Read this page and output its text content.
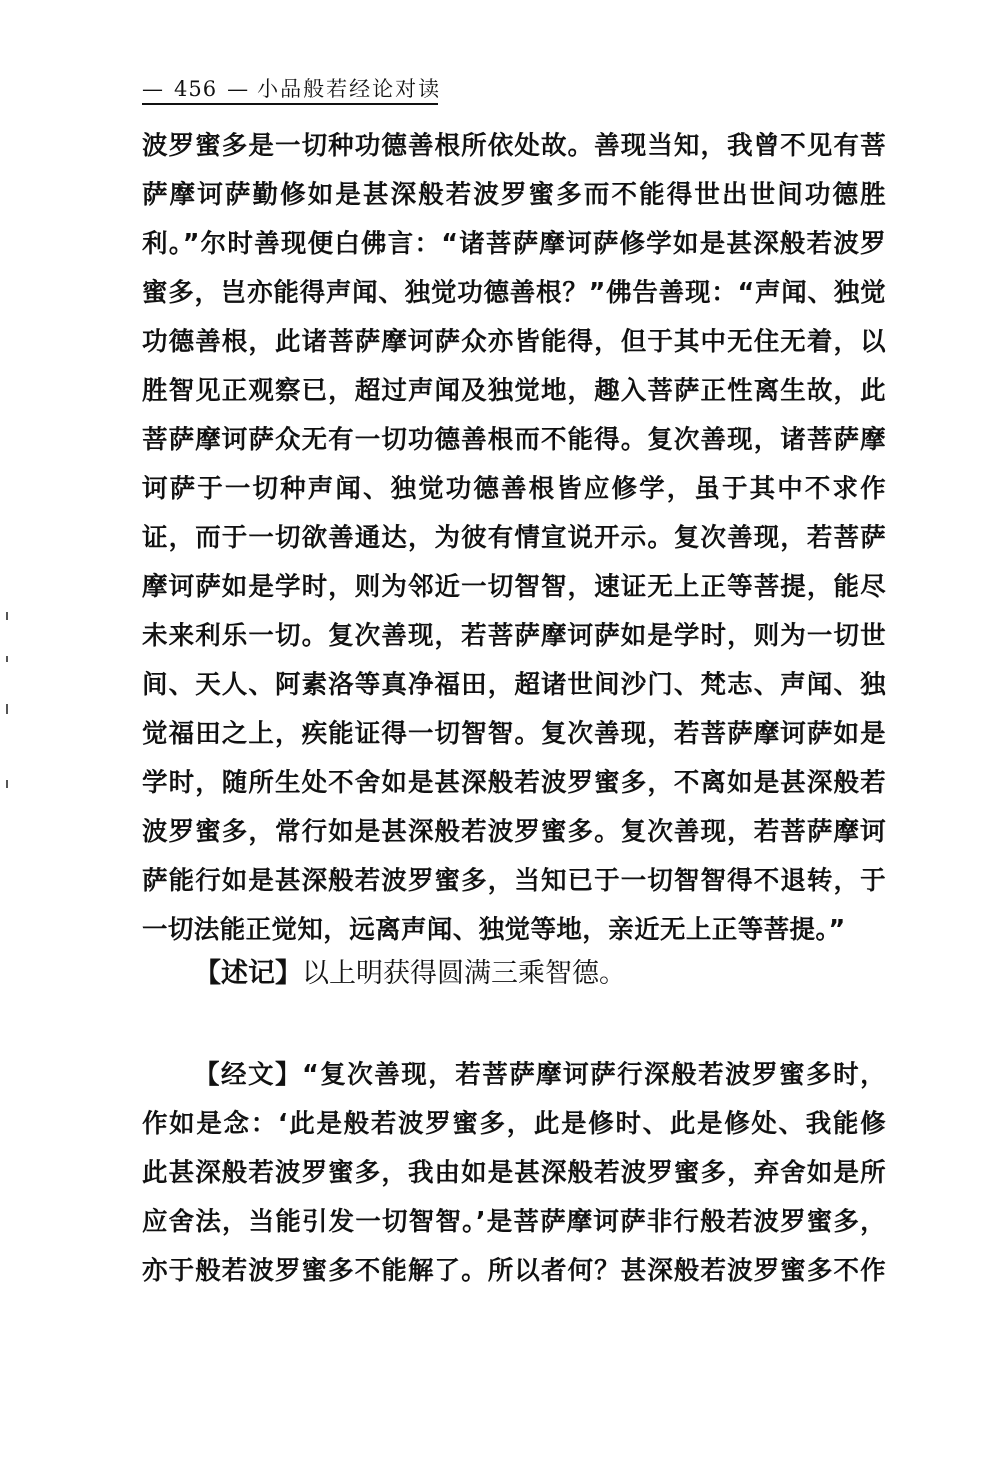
— 456 — 小品般若经论对读
波罗蜜多是一切种功德善根所依处故。善现当知，我曾不见有菩
萨摩诃萨勤修如是甚深般若波罗蜜多而不能得世出世间功德胜
利。”尔时善现便白佛言：“诸菩萨摩诃萨修学如是甚深般若波罗
蜜多，岂亦能得声闻、独觉功德善根？”佛告善现：“声闻、独觉
功德善根，此诸菩萨摩诃萨众亦皆能得，但于其中无住无着，以
胜智见正观察已，超过声闻及独觉地，趣入菩萨正性离生故，此
菩萨摩诃萨众无有一切功德善根而不能得。复次善现，诸菩萨摩
诃萨于一切种声闻、独觉功德善根皆应修学，虽于其中不求作
证，而于一切欲善通达，为彼有情宣说开示。复次善现，若菩萨
摩诃萨如是学时，则为邻近一切智智，速证无上正等菩提，能尽
未来利乐一切。复次善现，若菩萨摩诃萨如是学时，则为一切世
间、天人、阿素洛等真净福田，超诸世间沙门、梵志、声闻、独
觉福田之上，疾能证得一切智智。复次善现，若菩萨摩诃萨如是
学时，随所生处不舍如是甚深般若波罗蜜多，不离如是甚深般若
波罗蜜多，常行如是甚深般若波罗蜜多。复次善现，若菩萨摩诃
萨能行如是甚深般若波罗蜜多，当知已于一切智智得不退转，于
一切法能正觉知，远离声闻、独觉等地，亲近无上正等菩提。”
【述记】以上明获得圆满三乘智德。
【经文】“复次善现，若菩萨摩诃萨行深般若波罗蜜多时，
作如是念：‘此是般若波罗蜜多，此是修时、此是修处、我能修
此甚深般若波罗蜜多，我由如是甚深般若波罗蜜多，弃舍如是所
应舍法，当能引发一切智智。’是菩萨摩诃萨非行般若波罗蜜多，
亦于般若波罗蜜多不能解了。所以者何？甚深般若波罗蜜多不作
